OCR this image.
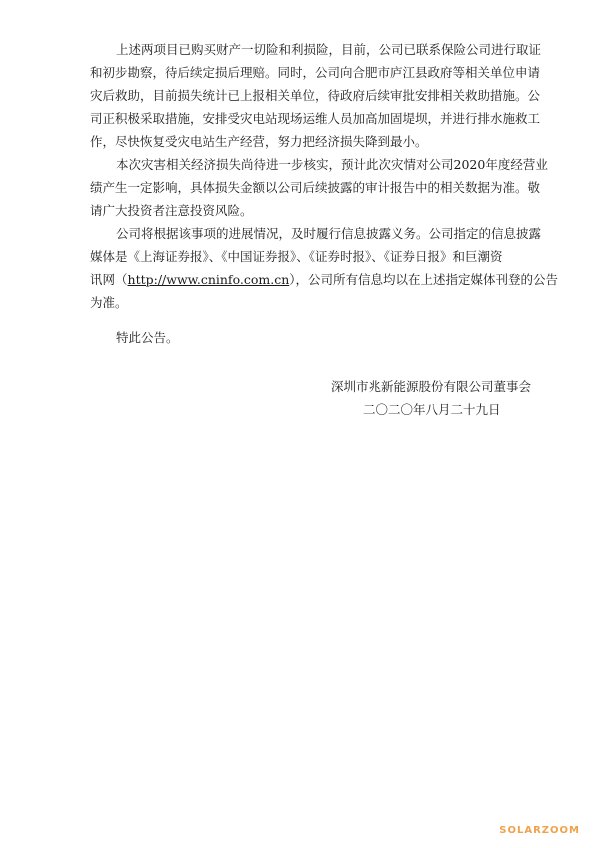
上述两项目已购买财产一切险和利损险，目前，公司已联系保险公司进行取证
和初步勘察，待后续定损后理赔。同时，公司向合肥市庐江县政府等相关单位申请
灾后救助，目前损失统计已上报相关单位，待政府后续审批安排相关救助措施。公
司正积极采取措施，安排受灾电站现场运维人员加高加固堤坝，并进行排水施救工
作，尽快恢复受灾电站生产经营，努力把经济损失降到最小。
本次灾害相关经济损失尚待进一步核实，预计此次灾情对公司2020年度经营业
绩产生一定影响，具体损失金额以公司后续披露的审计报告中的相关数据为准。敬
请广大投资者注意投资风险。
公司将根据该事项的进展情况，及时履行信息披露义务。公司指定的信息披露
媒体是《上海证券报》、《中国证券报》、《证券时报》、《证券日报》和巨潮资
讯网（http://www.cninfo.com.cn），公司所有信息均以在上述指定媒体刊登的公告
为准。
特此公告。
深圳市兆新能源股份有限公司董事会
二〇二〇年八月二十九日
SOLARZOOM
